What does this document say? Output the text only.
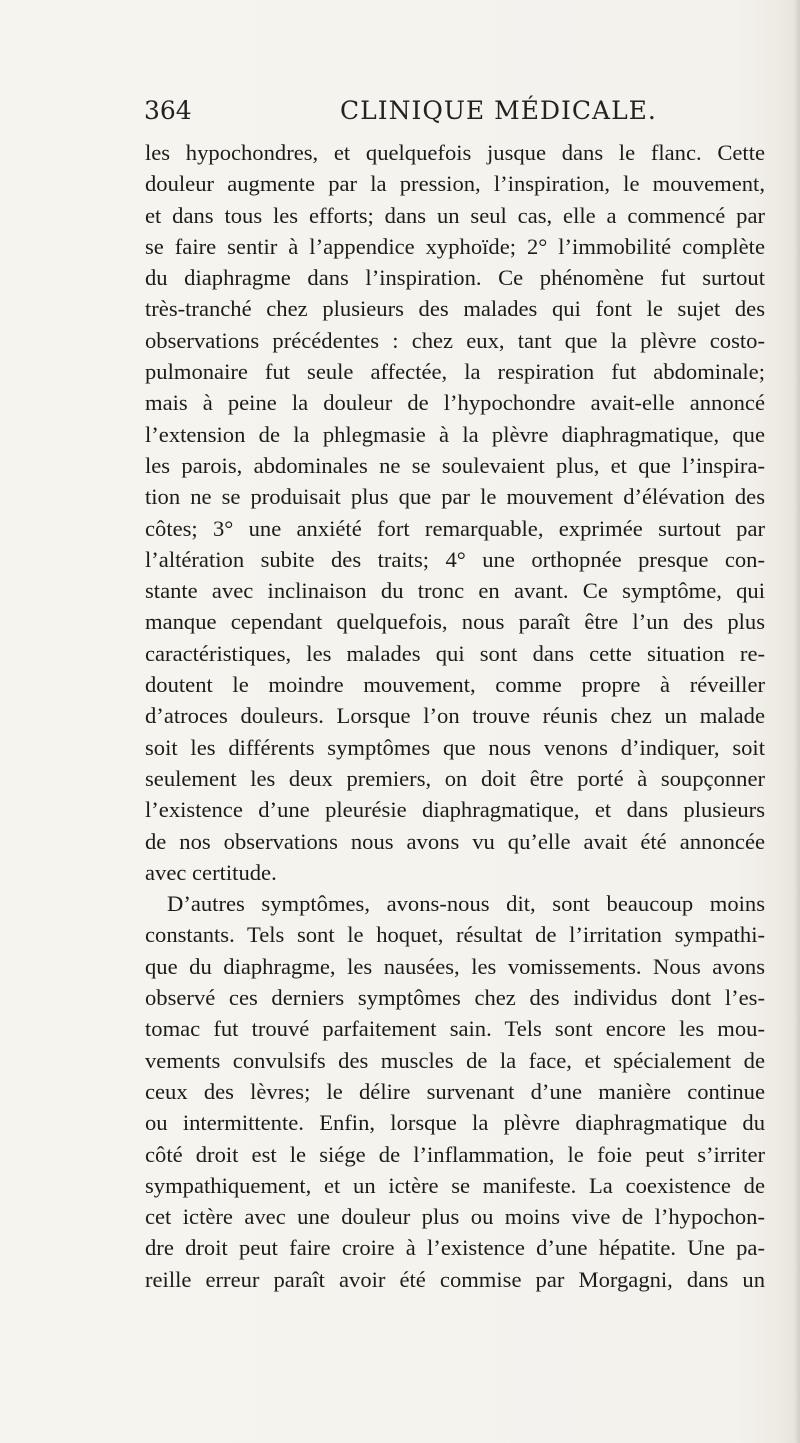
364	CLINIQUE MÉDICALE.
les hypochondres, et quelquefois jusque dans le flanc. Cette
douleur augmente par la pression, l’inspiration, le mouvement,
et dans tous les efforts; dans un seul cas, elle a commencé par
se faire sentir à l’appendice xyphoïde; 2° l’immobilité complète
du diaphragme dans l’inspiration. Ce phénomène fut surtout
très-tranché chez plusieurs des malades qui font le sujet des
observations précédentes : chez eux, tant que la plèvre costo-
pulmonaire fut seule affectée, la respiration fut abdominale;
mais à peine la douleur de l’hypochondre avait-elle annoncé
l’extension de la phlegmasie à la plèvre diaphragmatique, que
les parois, abdominales ne se soulevaient plus, et que l’inspira-
tion ne se produisait plus que par le mouvement d’élévation des
côtes; 3° une anxiété fort remarquable, exprimée surtout par
l’altération subite des traits; 4° une orthopnée presque con-
stante avec inclinaison du tronc en avant. Ce symptôme, qui
manque cependant quelquefois, nous paraît être l’un des plus
caractéristiques, les malades qui sont dans cette situation re-
doutent le moindre mouvement, comme propre à réveiller
d’atroces douleurs. Lorsque l’on trouve réunis chez un malade
soit les différents symptômes que nous venons d’indiquer, soit
seulement les deux premiers, on doit être porté à soupçonner
l’existence d’une pleurésie diaphragmatique, et dans plusieurs
de nos observations nous avons vu qu’elle avait été annoncée
avec certitude.
D’autres symptômes, avons-nous dit, sont beaucoup moins
constants. Tels sont le hoquet, résultat de l’irritation sympathi-
que du diaphragme, les nausées, les vomissements. Nous avons
observé ces derniers symptômes chez des individus dont l’es-
tomac fut trouvé parfaitement sain. Tels sont encore les mou-
vements convulsifs des muscles de la face, et spécialement de
ceux des lèvres; le délire survenant d’une manière continue
ou intermittente. Enfin, lorsque la plèvre diaphragmatique du
côté droit est le siége de l’inflammation, le foie peut s’irriter
sympathiquement, et un ictère se manifeste. La coexistence de
cet ictère avec une douleur plus ou moins vive de l’hypochon-
dre droit peut faire croire à l’existence d’une hépatite. Une pa-
reille erreur paraît avoir été commise par Morgagni, dans un
